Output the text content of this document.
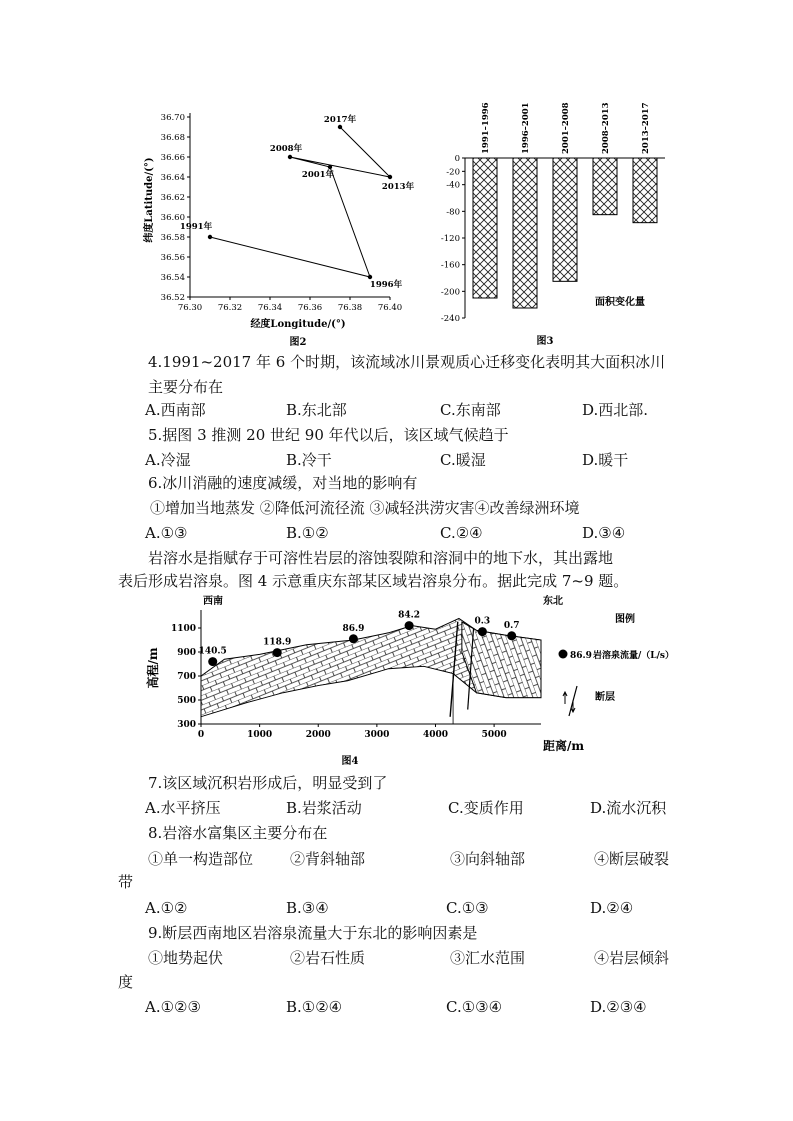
36.70
36.68
36.66
36.64
36.62
36.60
36.58
36.56
36.54
36.52
76.30 76.32 76.34 76.36 76.38 76.40
1991年
1996年
2001年
2008年
2013年
2017年
经度Longitude/(°)
纬度Latitude/(°)
图2
0
-20
-40
-80
-120
-160
-200
-240
1991–1996	1996–2001	2001–2008	2008–2013	2013–2017
面积变化量
图3
4.1991~2017 年 6 个时期，该流域冰川景观质心迁移变化表明其大面积冰川
主要分布在
A.西南部	B.东北部	C.东南部	D.西北部.
5.据图 3 推测 20 世纪 90 年代以后，该区域气候趋于
A.冷湿	B.冷干	C.暖湿	D.暖干
6.冰川消融的速度减缓，对当地的影响有
①增加当地蒸发 ②降低河流径流 ③减轻洪涝灾害④改善绿洲环境
A.①③	B.①②	C.②④	D.③④
岩溶水是指赋存于可溶性岩层的溶蚀裂隙和溶洞中的地下水，其出露地
表后形成岩溶泉。图 4 示意重庆东部某区域岩溶泉分布。据此完成 7~9 题。
1100
900
700
500
300
0	1000	2000	3000	4000	5000
140.5
118.9
86.9
84.2
0.3 0.7
西南	东北
高程/m
距离/m
图4
图例
86.9 岩溶泉流量/（L/s）
断层
7.该区域沉积岩形成后，明显受到了
A.水平挤压	B.岩浆活动	C.变质作用	D.流水沉积
8.岩溶水富集区主要分布在
①单一构造部位 ②背斜轴部	③向斜轴部	④断层破裂
带
A.①②	B.③④	C.①③	D.②④
9.断层西南地区岩溶泉流量大于东北的影响因素是
①地势起伏	②岩石性质	③汇水范围	④岩层倾斜
度
A.①②③	B.①②④	C.①③④	D.②③④
